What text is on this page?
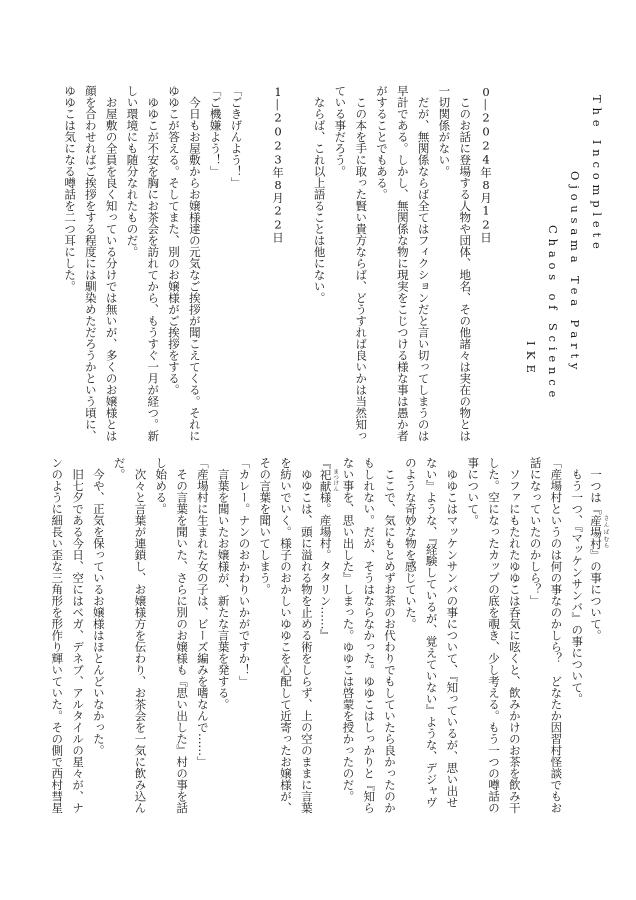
The Incomplete
Ojousama Tea Party
Chaos of Science
IKE
0―2024年8月12日
　このお話に登場する人物や団体、地名、その他諸々は実在の物とは
一切関係がない。
　だが、無関係ならば全てはフィクションだと言い切ってしまうのは
早計である。しかし、無関係な物に現実をこじつける様な事は愚か者
がすることでもある。
　この本を手に取った賢い貴方ならば、どうすれば良いかは当然知っ
ている事だろう。
　ならば、これ以上語ることは他にない。
1―2023年8月22日
「ごきげんよう！」
「ご機嫌よう！」
　今日もお屋敷からお嬢様達の元気なご挨拶が聞こえてくる。それに
ゆゆこが答える。そしてまた、別のお嬢様がご挨拶をする。
　ゆゆこが不安を胸にお茶会を訪れてから、もうすぐ一月が経つ。新
しい環境にも随分なれたものだ。
　お屋敷の全員を良く知っている分けでは無いが、多くのお嬢様とは
顔を合わせればご挨拶をする程度には馴染めただろうかという頃に、
ゆゆこは気になる噂話を二つ耳にした。
　一つは『産場村 さんばむら』の事について。
　もう一つ、『マッケンサンバ』の事について。
「産場村というのは何の事なのかしら？　どなたか因習村怪談でもお
話になっていたのかしら？」
　ソファにもたれたゆゆこは呑気に呟くと、飲みかけのお茶を飲み干
した。空になったカップの底を覗き、少し考える。もう一つの噂話の
事について。
　ゆゆこはマッケンサンバの事について、『知っているが、思い出せ
ない』ような、『経験しているが、覚えていない』ような、デジャヴ
のような奇妙な物を感じていた。
　ここで、気にもとめずお茶のお代わりでもしていたら良かったのか
もしれない。だが、そうはならなかった。ゆゆこはしっかりと『知ら
ない事を、思い出した』しまった。ゆゆこは啓蒙を授かったのだ。
『祀献 まつけん様。産場村。タタリン……』
　ゆゆこは、頭に溢れる物を止める術をしらず、上の空のままに言葉
を紡いでいく。様子のおかしいゆゆこを心配して近寄ったお嬢様が、
その言葉を聞いてしまう。
「カレー。ナンのおかわりいかがですか！」
　言葉を聞いたお嬢様が、新たな言葉を発する。
「産場村に生まれた女の子は、ビーズ編みを嗜なんで……」
　その言葉を聞いた、さらに別のお嬢様も『思い出した』村の事を話
し始める。
　次々と言葉が連鎖し、お嬢様方を伝わり、お茶会を一気に飲み込ん
だ。
　今や、正気を保っているお嬢様はほとんどいなかった。
　旧七夕である今日、空にはベガ、デネブ、アルタイルの星々が、ナ
ンのように細長い歪な三角形を形作り輝いていた。その側で西村彗星
